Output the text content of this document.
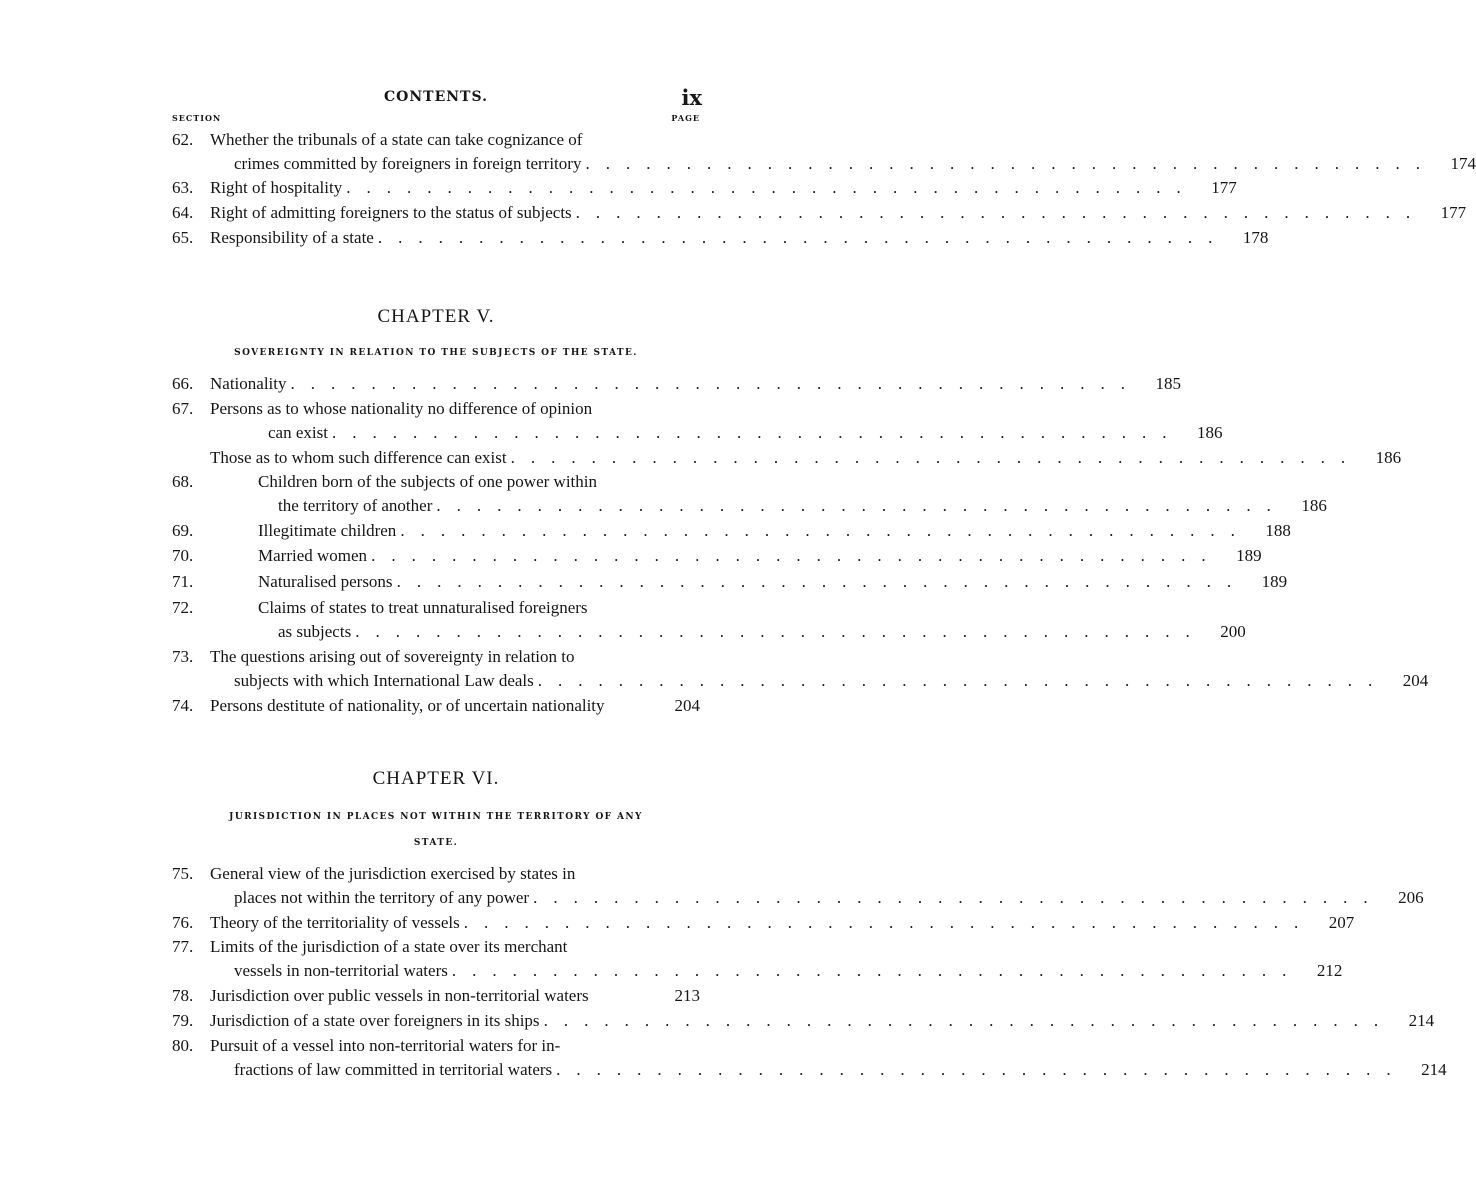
CONTENTS.	ix
SECTION	PAGE
62. Whether the tribunals of a state can take cognizance of
crimes committed by foreigners in foreign territory .......................................... 174
63. Right of hospitality .......................................... 177
64. Right of admitting foreigners to the status of subjects .......................................... 177
65. Responsibility of a state .......................................... 178
CHAPTER V.
SOVEREIGNTY IN RELATION TO THE SUBJECTS OF THE STATE.
66. Nationality .......................................... 185
67. Persons as to whose nationality no difference of opinion
can exist .......................................... 186
Those as to whom such difference can exist .......................................... 186
68.	Children born of the subjects of one power within
the territory of another .......................................... 186
69.	Illegitimate children .......................................... 188
70.	Married women .......................................... 189
71.	Naturalised persons .......................................... 189
72.	Claims of states to treat unnaturalised foreigners
as subjects .......................................... 200
73. The questions arising out of sovereignty in relation to
subjects with which International Law deals .......................................... 204
74. Persons destitute of nationality, or of uncertain nationality	204
CHAPTER VI.
JURISDICTION IN PLACES NOT WITHIN THE TERRITORY OF ANY
STATE.
75. General view of the jurisdiction exercised by states in
places not within the territory of any power .......................................... 206
76. Theory of the territoriality of vessels .......................................... 207
77. Limits of the jurisdiction of a state over its merchant
vessels in non-territorial waters .......................................... 212
78. Jurisdiction over public vessels in non-territorial waters	213
79. Jurisdiction of a state over foreigners in its ships .......................................... 214
80. Pursuit of a vessel into non-territorial waters for in-
fractions of law committed in territorial waters .......................................... 214
